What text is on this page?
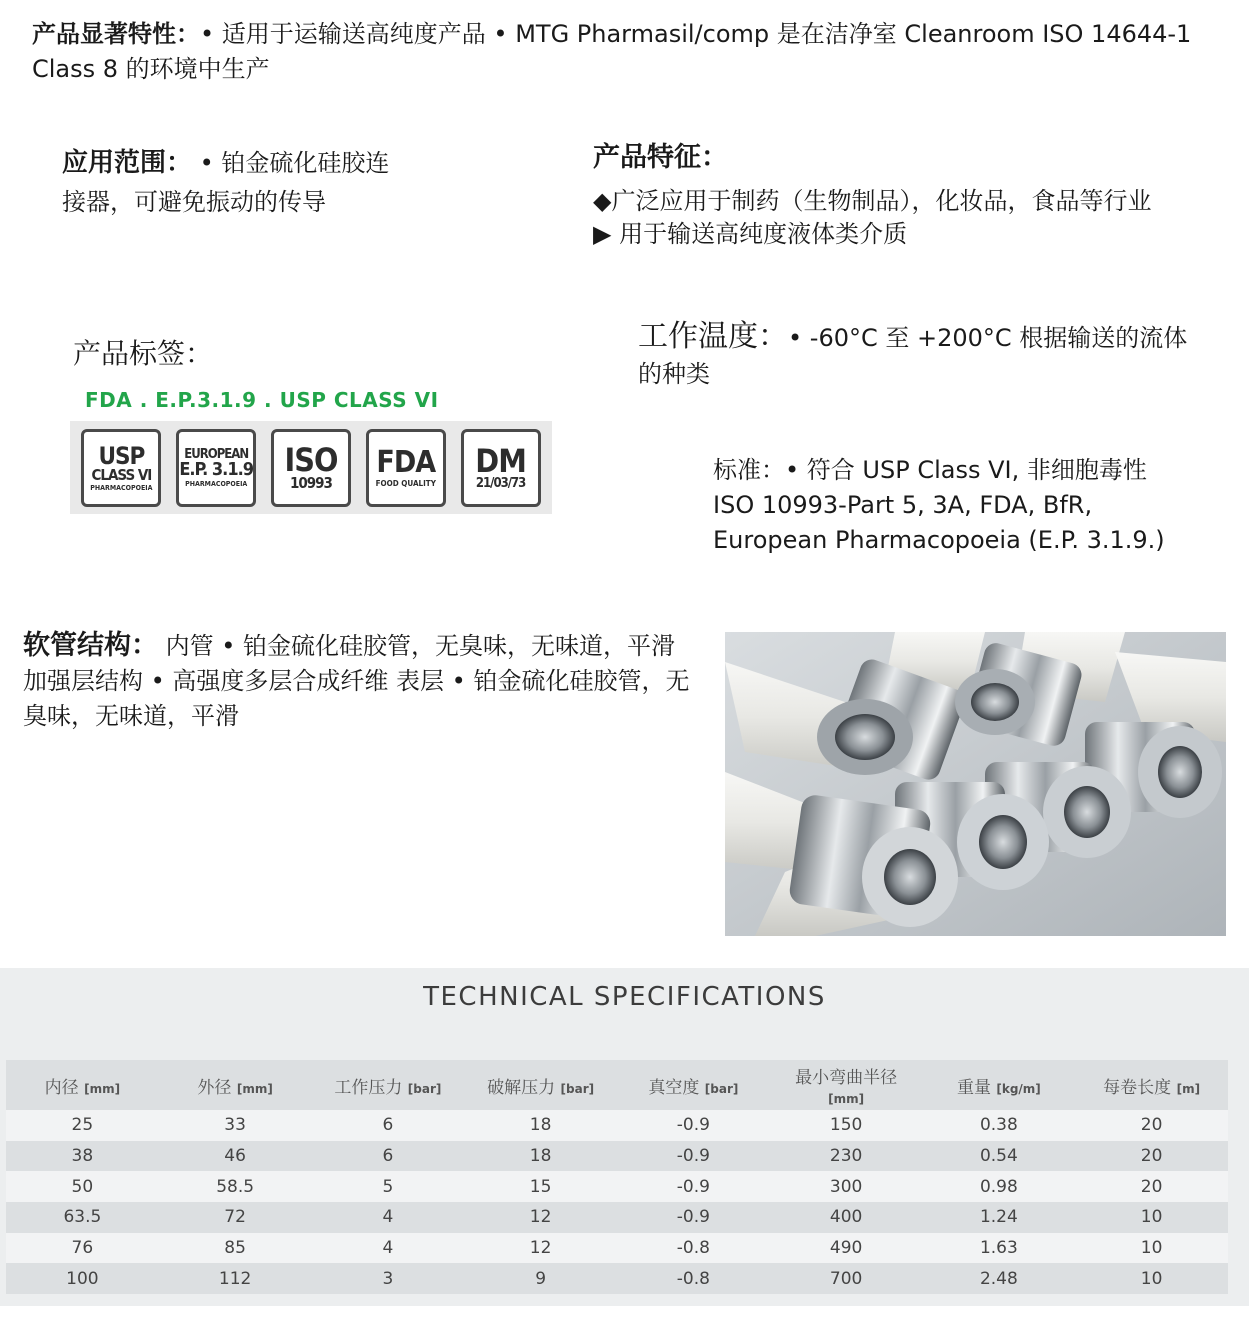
产品显著特性：• 适用于运输送高纯度产品 • MTG Pharmasil/comp 是在洁净室 Cleanroom ISO 14644-1 Class 8 的环境中生产
应用范围： • 铂金硫化硅胶连接器，可避免振动的传导
产品特征：
◆广泛应用于制药（生物制品），化妆品，食品等行业
▶ 用于输送高纯度液体类介质
产品标签：
FDA . E.P.3.1.9 . USP CLASS VI
USP
CLASS VI
PHARMACOPOEIA
EUROPEAN
E.P. 3.1.9
PHARMACOPOEIA
ISO
10993
FDA
FOOD QUALITY
DM
21/03/73
工作温度：• -60°C 至 +200°C 根据输送的流体的种类
标准：• 符合 USP Class VI, 非细胞毒性 ISO 10993-Part 5, 3A, FDA, BfR, European Pharmacopoeia (E.P. 3.1.9.)
软管结构： 内管 • 铂金硫化硅胶管，无臭味，无味道，平滑 加强层结构 • 高强度多层合成纤维 表层 • 铂金硫化硅胶管，无臭味，无味道，平滑
TECHNICAL SPECIFICATIONS
内径 [mm]	外径 [mm]	工作压力 [bar]	破解压力 [bar]	真空度 [bar]	最小弯曲半径
[mm]	重量 [kg/m]	每卷长度 [m]
25	33	6	18	-0.9	150	0.38	20
38	46	6	18	-0.9	230	0.54	20
50	58.5	5	15	-0.9	300	0.98	20
63.5	72	4	12	-0.9	400	1.24	10
76	85	4	12	-0.8	490	1.63	10
100	112	3	9	-0.8	700	2.48	10
